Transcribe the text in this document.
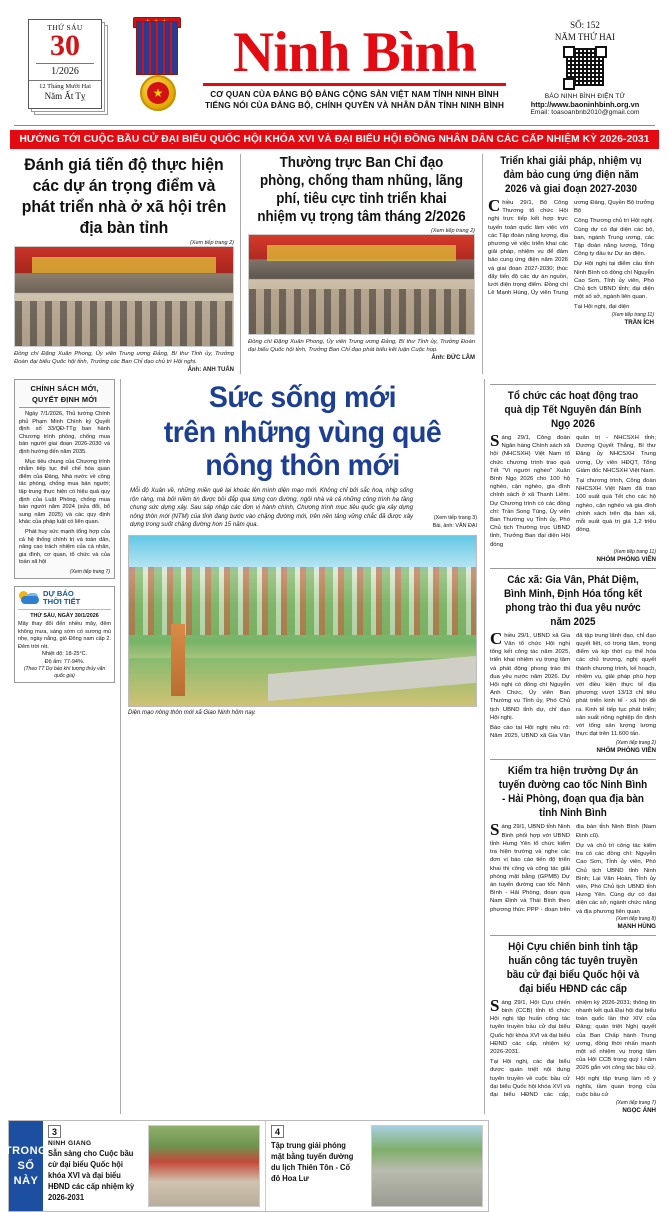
THỨ SÁU
30
1/2026
12 Tháng Mười Hai
Năm Ất Tỵ	★
Ninh Bình
CƠ QUAN CỦA ĐẢNG BỘ ĐẢNG CỘNG SẢN VIỆT NAM TỈNH NINH BÌNH
TIẾNG NÓI CỦA ĐẢNG BỘ, CHÍNH QUYỀN VÀ NHÂN DÂN TỈNH NINH BÌNH
SỐ: 152
NĂM THỨ HAI
BÁO NINH BÌNH ĐIỆN TỬ
http://www.baoninhbinh.org.vn
Email: toasoanbnb2010@gmail.com
HƯỚNG TỚI CUỘC BẦU CỬ ĐẠI BIỂU QUỐC HỘI KHÓA XVI VÀ ĐẠI BIỂU HỘI ĐỒNG NHÂN DÂN CÁC CẤP NHIỆM KỲ 2026-2031
Đánh giá tiến độ thực hiện các dự án trọng điểm và phát triển nhà ở xã hội trên địa bàn tỉnh
(Xem tiếp trang 2)
Đồng chí Đặng Xuân Phong, Ủy viên Trung ương Đảng, Bí thư Tỉnh ủy, Trưởng Đoàn đại biểu Quốc hội tỉnh, Trưởng các Ban Chỉ đạo chủ trì Hội nghị.
Ảnh: ANH TUẤN
Thường trực Ban Chỉ đạo phòng, chống tham nhũng, lãng phí, tiêu cực tỉnh triển khai nhiệm vụ trọng tâm tháng 2/2026
(Xem tiếp trang 2)
Đồng chí Đặng Xuân Phong, Ủy viên Trung ương Đảng, Bí thư Tỉnh ủy, Trưởng Đoàn đại biểu Quốc hội tỉnh, Trưởng Ban Chỉ đạo phát biểu kết luận Cuộc họp.
Ảnh: ĐỨC LÂM
Triển khai giải pháp, nhiệm vụ đảm bảo cung ứng điện năm 2026 và giai đoạn 2027-2030

Chiều 29/1, Bộ Công Thương tổ chức Hội nghị trực tiếp kết hợp trực tuyến toàn quốc làm việc với các Tập đoàn năng lượng, địa phương về việc triển khai các giải pháp, nhiệm vụ để đảm bảo cung ứng điện năm 2026 và giai đoạn 2027-2030; thúc đẩy tiến độ các dự án nguồn, lưới điện trọng điểm. Đồng chí Lê Mạnh Hùng, Ủy viên Trung ương Đảng, Quyền Bộ trưởng Bộ

Công Thương chủ trì Hội nghị. Cùng dự có đại diện các bộ, ban, ngành Trung ương, các Tập đoàn năng lượng, Tổng Công ty đầu tư Dự án điện.

Dự Hội nghị tại điểm cầu tỉnh Ninh Bình có đồng chí Nguyễn Cao Sơn, Tỉnh ủy viên, Phó Chủ tịch UBND tỉnh; đại diện một số sở, ngành liên quan.

Tại Hội nghị, đại diện

(Xem tiếp trang 11)
TRẦN ÍCH
CHÍNH SÁCH MỚI,
QUYẾT ĐỊNH MỚI

Ngày 7/1/2026, Thủ tướng Chính phủ Phạm Minh Chính ký Quyết định số 33/QĐ-TTg ban hành Chương trình phòng, chống mua bán người giai đoạn 2026-2030 và định hướng đến năm 2035.

Mục tiêu chung của Chương trình nhằm tiếp tục thể chế hóa quan điểm của Đảng, Nhà nước về công tác phòng, chống mua bán người; tập trung thực hiện có hiệu quả quy định của Luật Phòng, chống mua bán người năm 2024 (sửa đổi, bổ sung năm 2025) và các quy định khác của pháp luật có liên quan.

Phát huy sức mạnh tổng hợp của cả hệ thống chính trị và toàn dân, nâng cao trách nhiệm của cá nhân, gia đình, cơ quan, tổ chức và của toàn xã hội

(Xem tiếp trang 7)
DỰ BÁO
THỜI TIẾT
THỨ SÁU, NGÀY 30/1/2026
Mây thay đổi đến nhiều mây, đêm không mưa, sáng sớm có sương mù nhẹ, ngày nắng, gió Đông nam cấp 2. Đêm trời rét.
Nhiệt độ: 18-25°C.
Độ ẩm: 77-94%.
(Theo TT Dự báo khí tượng thủy văn quốc gia)
Sức sống mới
trên những vùng quê nông thôn mới
Mỗi độ Xuân về, những miền quê lại khoác lên mình diện mạo mới. Không chỉ bởi sắc hoa, nhịp sống rộn ràng, mà bởi niềm tin được bồi đắp qua từng con đường, ngôi nhà và cả những công trình hạ tầng chung sức dựng xây. Sau sáp nhập các đơn vị hành chính, Chương trình mục tiêu quốc gia xây dựng nông thôn mới (NTM) của tỉnh đang bước vào chặng đường mới, trên nền tảng vững chắc đã được xây dựng trong suốt chặng đường hơn 15 năm qua.
(Xem tiếp trang 3)
Bài, ảnh: VĂN ĐẠI
Diện mạo nông thôn mới xã Giao Ninh hôm nay.
Tổ chức các hoạt động trao quà dịp Tết Nguyên đán Bính Ngọ 2026

Sáng 29/1, Công đoàn Ngân hàng Chính sách xã hội (NHCSXH) Việt Nam tổ chức chương trình trao quà Tết "Vì người nghèo" Xuân Bính Ngọ 2026 cho 100 hộ nghèo, cận nghèo, gia đình chính sách ở xã Thanh Liêm. Dự Chương trình có các đồng chí: Trần Song Tùng, Ủy viên Ban Thường vụ Tỉnh ủy, Phó Chủ tịch Thường trực UBND tỉnh, Trưởng Ban đại diện Hội đồng

quản trị - NHCSXH tỉnh; Dương Quyết Thắng, Bí thư Đảng ủy NHCSXH Trung ương, Ủy viên HĐQT, Tổng Giám đốc NHCSXH Việt Nam.

Tại chương trình, Công đoàn NHCSXH Việt Nam đã trao 100 suất quà Tết cho các hộ nghèo, cận nghèo và gia đình chính sách trên địa bàn xã, mỗi suất quà trị giá 1,2 triệu đồng.

(Xem tiếp trang 11)
NHÓM PHÓNG VIÊN
Các xã: Gia Vân, Phát Diệm, Bình Minh, Định Hóa tổng kết phong trào thi đua yêu nước năm 2025

Chiều 29/1, UBND xã Gia Vân tổ chức Hội nghị tổng kết công tác năm 2025, triển khai nhiệm vụ trọng tâm và phát động phong trào thi đua yêu nước năm 2026. Dự Hội nghị có đồng chí Nguyễn Anh Chức, Ủy viên Ban Thường vụ Tỉnh ủy, Phó Chủ tịch UBND tỉnh dự, chỉ đạo Hội nghị.

Báo cáo tại Hội nghị nêu rõ: Năm 2025, UBND xã Gia Vân đã tập trung lãnh đạo, chỉ đạo quyết liệt, có trọng tâm, trọng điểm và kịp thời cụ thể hóa các chủ trương, nghị quyết thành chương trình, kế hoạch, nhiệm vụ, giải pháp phù hợp với điều kiện thực tế địa phương; vượt 13/13 chỉ tiêu phát triển kinh tế - xã hội đề ra. Kinh tế tiếp tục phát triển; sản xuất nông nghiệp ổn định với tổng sản lượng lương thực đạt trên 11.600 tấn.

(Xem tiếp trang 2)
NHÓM PHÓNG VIÊN
Kiểm tra hiện trường Dự án tuyến đường cao tốc Ninh Bình - Hải Phòng, đoạn qua địa bàn tỉnh Ninh Bình

Sáng 29/1, UBND tỉnh Ninh Bình phối hợp với UBND tỉnh Hưng Yên tổ chức kiểm tra hiện trường và nghe các đơn vị báo cáo tiến độ triển khai thi công và công tác giải phóng mặt bằng (GPMB) Dự án tuyến đường cao tốc Ninh Bình - Hải Phòng, đoạn qua Nam Định và Thái Bình theo phương thức PPP - đoạn trên địa bàn tỉnh Ninh Bình (Nam Định cũ).

Dự và chủ trì công tác kiểm tra có các đồng chí: Nguyễn Cao Sơn, Tỉnh ủy viên, Phó Chủ tịch UBND tỉnh Ninh Bình; Lại Văn Hoàn, Tỉnh ủy viên, Phó Chủ tịch UBND tỉnh Hưng Yên. Cùng dự có đại diện các sở, ngành chức năng và địa phương liên quan

(Xem tiếp trang 8)
MẠNH HÙNG
Hội Cựu chiến binh tỉnh tập huấn công tác tuyên truyền bầu cử đại biểu Quốc hội và đại biểu HĐND các cấp

Sáng 29/1, Hội Cựu chiến binh (CCB) tỉnh tổ chức Hội nghị tập huấn công tác tuyên truyền bầu cử đại biểu Quốc hội khóa XVI và đại biểu HĐND các cấp, nhiệm kỳ 2026-2031.

Tại Hội nghị, các đại biểu được quán triệt nội dung tuyên truyền về cuộc bầu cử đại biểu Quốc hội khóa XVI và đại biểu HĐND các cấp, nhiệm kỳ 2026-2031; thông tin nhanh kết quả Đại hội đại biểu toàn quốc lần thứ XIV của Đảng; quán triệt Nghị quyết của Ban Chấp hành Trung ương, đồng thời nhấn mạnh một số nhiệm vụ trọng tâm của Hội CCB trong quý I năm 2026 gắn với công tác bầu cử.

Hội nghị tập trung làm rõ ý nghĩa, tầm quan trọng của cuộc bầu cử

(Xem tiếp trang 7)
NGỌC ÁNH
TRONG
SỐ
NÀY
3
NINH GIANG
Sẵn sàng cho Cuộc bầu cử đại biểu Quốc hội khóa XVI và đại biểu HĐND các cấp nhiệm kỳ 2026-2031
4
Tập trung giải phóng mặt bằng tuyến đường du lịch Thiên Tôn - Cố đô Hoa Lư
